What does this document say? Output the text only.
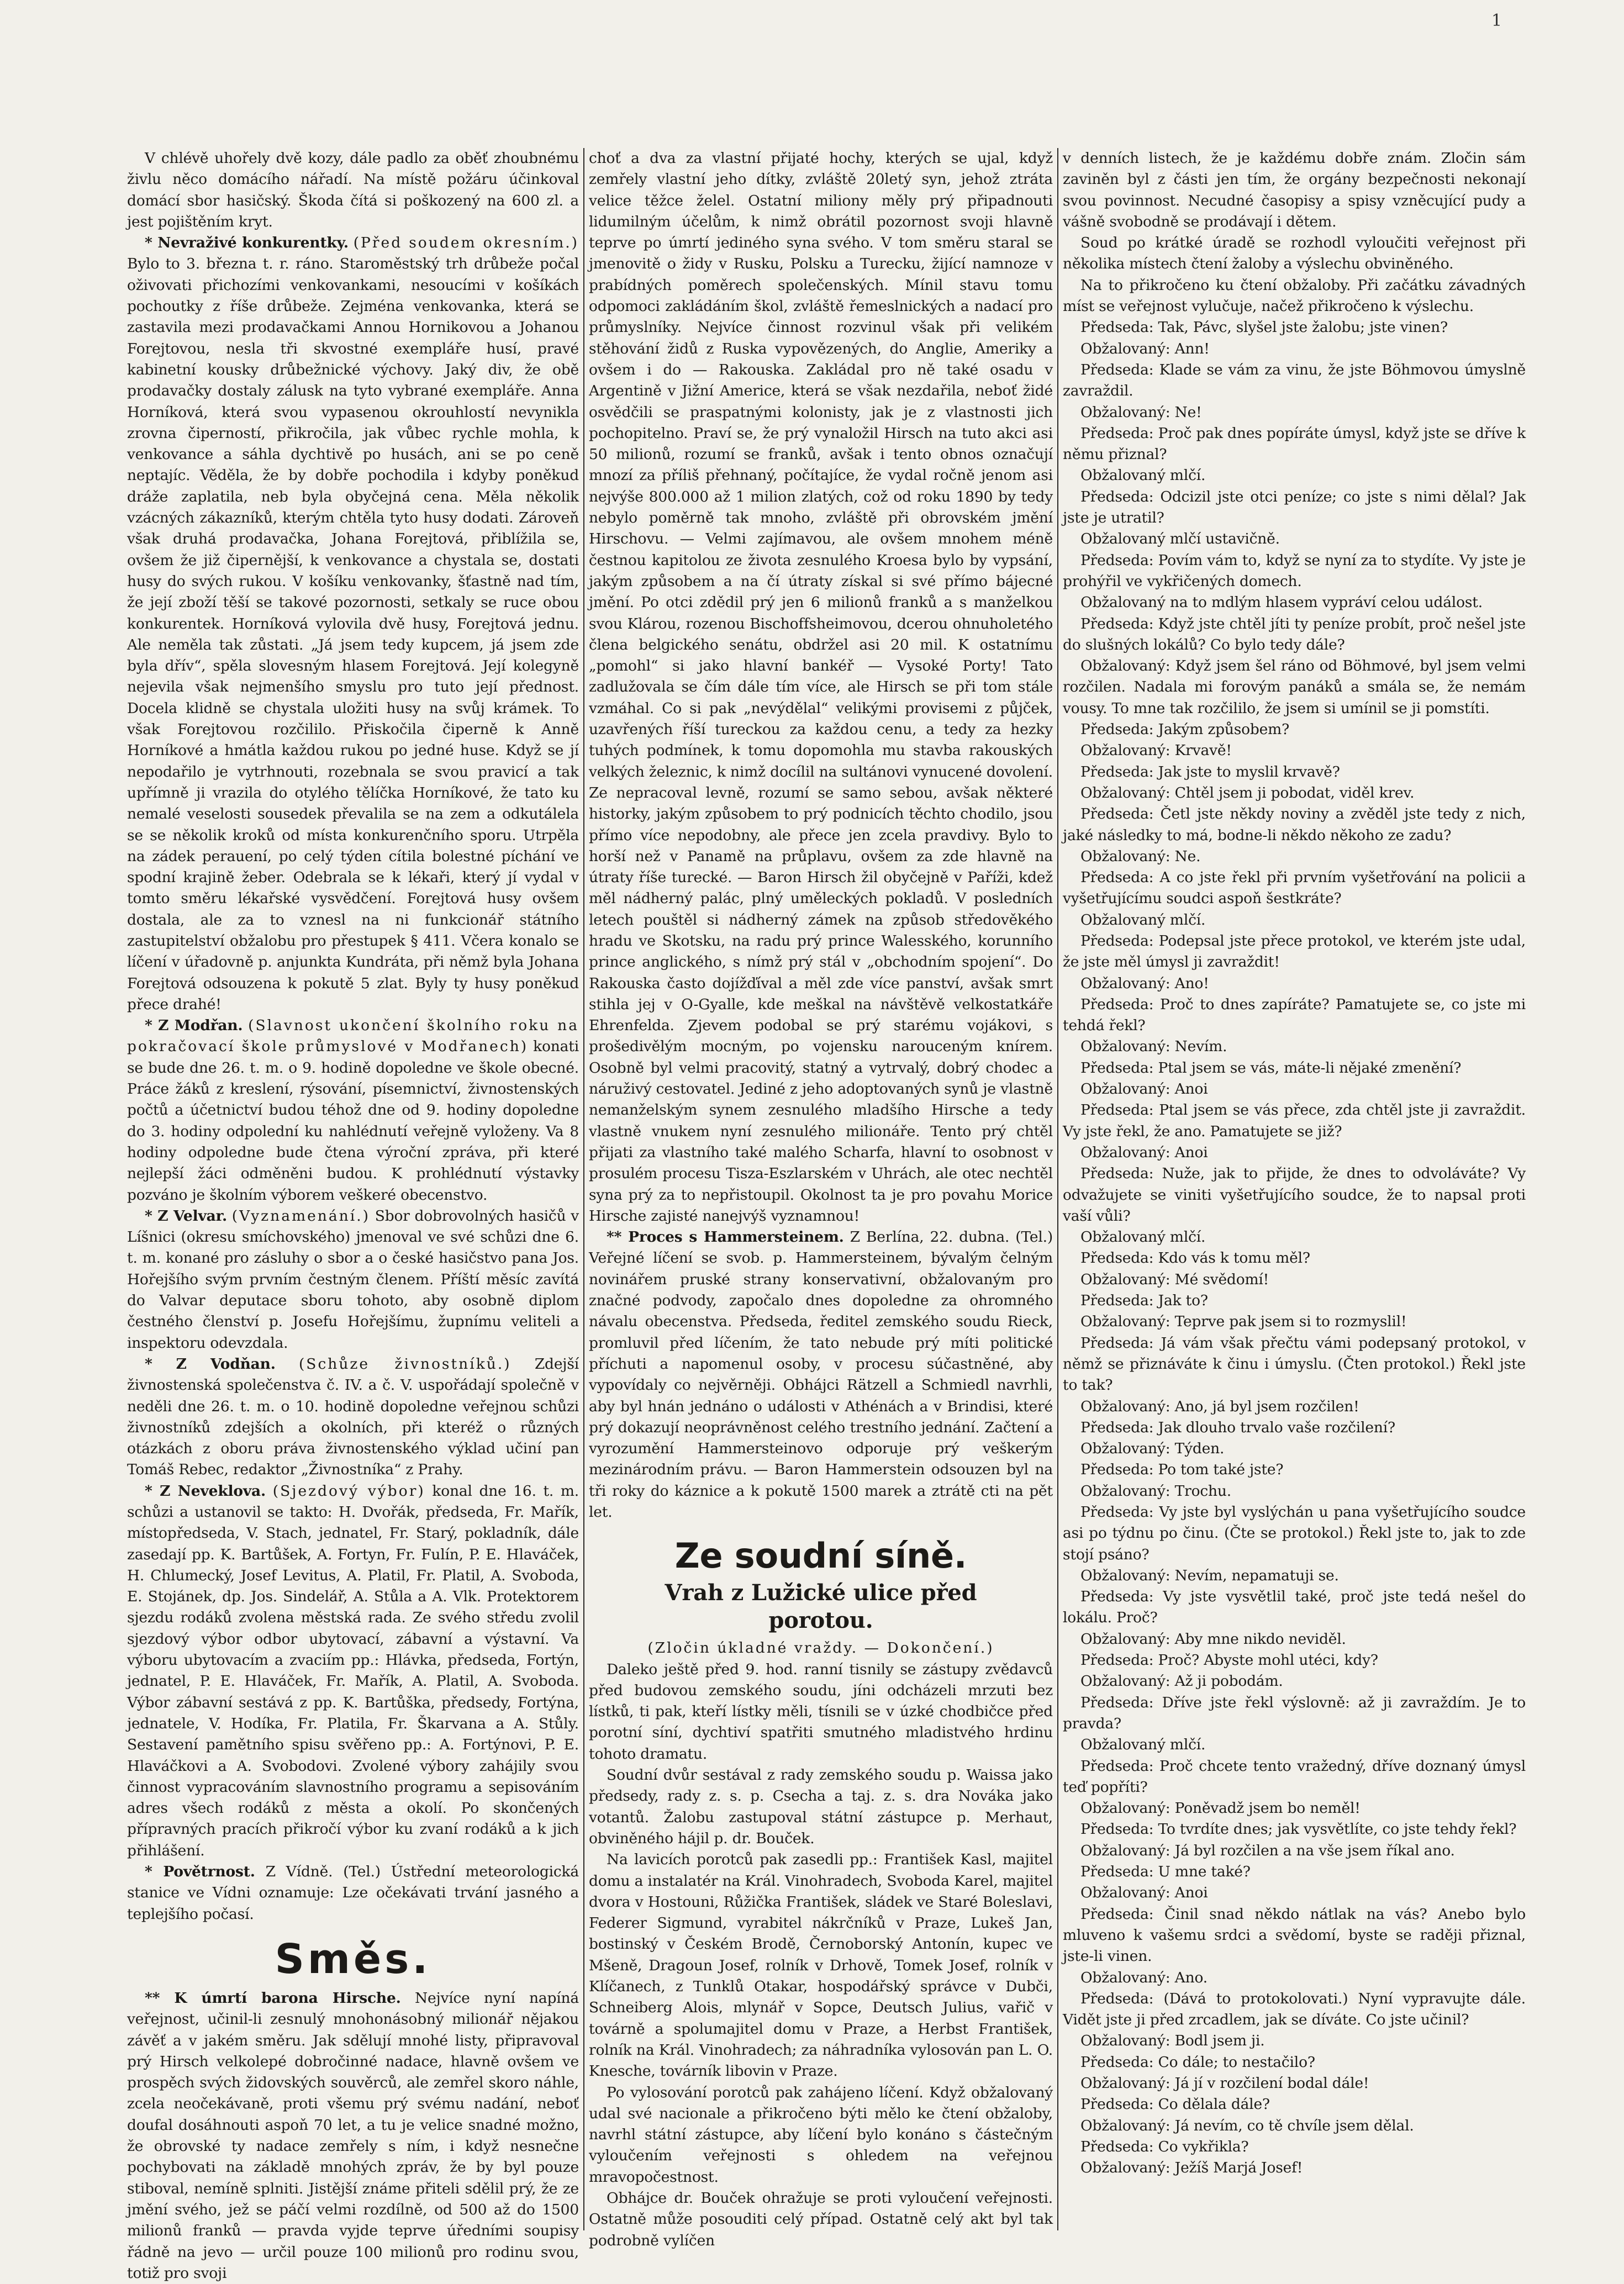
1

V chlévě uhořely dvě kozy, dále padlo za oběť zhoubnému živlu něco domácího nářadí. Na místě požáru účinkoval domácí sbor hasičský. Škoda čítá si poškozený na 600 zl. a jest pojištěním kryt.

* Nevraživé konkurentky. (Před soudem okresním.) Bylo to 3. března t. r. ráno. Staroměstský trh drůbeže počal oživovati přichozími venkovankami, nesoucími v košíkách pochoutky z říše drůbeže. Zejména venkovanka, která se zastavila mezi prodavačkami Annou Hornikovou a Johanou Forejtovou, nesla tři skvostné exempláře husí, pravé kabinetní kousky drůbežnické výchovy. Jaký div, že obě prodavačky dostaly zálusk na tyto vybrané exempláře. Anna Horníková, která svou vypasenou okrouhlostí nevynikla zrovna čiperností, přikročila, jak vůbec rychle mohla, k venkovance a sáhla dychtivě po husách, ani se po ceně neptajíc. Věděla, že by dobře pochodila i kdyby poněkud dráže zaplatila, neb byla obyčejná cena. Měla několik vzácných zákazníků, kterým chtěla tyto husy dodati. Zároveň však druhá prodavačka, Johana Forejtová, přiblížila se, ovšem že již čipernější, k venkovance a chystala se, dostati husy do svých rukou. V košíku venkovanky, šťastně nad tím, že její zboží těší se takové pozornosti, setkaly se ruce obou konkurentek. Horníková vylovila dvě husy, Forejtová jednu. Ale neměla tak zůstati. „Já jsem tedy kupcem, já jsem zde byla dřív“, spěla slovesným hlasem Forejtová. Její kolegyně nejevila však nejmenšího smyslu pro tuto její přednost. Docela klidně se chystala uložiti husy na svůj krámek. To však Forejtovou rozčililo. Přiskočila čiperně k Anně Horníkové a hmátla každou rukou po jedné huse. Když se jí nepodařilo je vytrhnouti, rozebnala se svou pravicí a tak upřímně ji vrazila do otylého tělíčka Horníkové, že tato ku nemalé veselosti sousedek převalila se na zem a odkutálela se se několik kroků od místa konkurenčního sporu. Utrpěla na zádek perauení, po celý týden cítila bolestné píchání ve spodní krajině žeber. Odebrala se k lékaři, který jí vydal v tomto směru lékařské vysvědčení. Forejtová husy ovšem dostala, ale za to vznesl na ni funkcionář státního zastupitelství obžalobu pro přestupek § 411. Včera konalo se líčení v úřadovně p. anjunkta Kundráta, při němž byla Johana Forejtová odsouzena k pokutě 5 zlat. Byly ty husy poněkud přece drahé!

* Z Modřan. (Slavnost ukončení školního roku na pokračovací škole průmyslové v Modřanech) konati se bude dne 26. t. m. o 9. hodině dopoledne ve škole obecné. Práce žáků z kreslení, rýsování, písemnictví, živnostenských počtů a účetnictví budou téhož dne od 9. hodiny dopoledne do 3. hodiny odpolední ku nahlédnutí veřejně vyloženy. Va 8 hodiny odpoledne bude čtena výroční zpráva, při které nejlepší žáci odměněni budou. K prohlédnutí výstavky pozváno je školním výborem veškeré obecenstvo.

* Z Velvar. (Vyznamenání.) Sbor dobrovolných hasičů v Líšnici (okresu smíchovského) jmenoval ve své schůzi dne 6. t. m. konané pro zásluhy o sbor a o české hasičstvo pana Jos. Hořejšího svým prvním čestným členem. Příští měsíc zavítá do Valvar deputace sboru tohoto, aby osobně diplom čestného členství p. Josefu Hořejšímu, župnímu veliteli a inspektoru odevzdala.

* Z Vodňan. (Schůze živnostníků.) Zdejší živnostenská společenstva č. IV. a č. V. uspořádají společně v neděli dne 26. t. m. o 10. hodině dopoledne veřejnou schůzi živnostníků zdejších a okolních, při kteréž o různých otázkách z oboru práva živnostenského výklad učiní pan Tomáš Rebec, redaktor „Živnostníka“ z Prahy.

* Z Neveklova. (Sjezdový výbor) konal dne 16. t. m. schůzi a ustanovil se takto: H. Dvořák, předseda, Fr. Mařík, místopředseda, V. Stach, jednatel, Fr. Starý, pokladník, dále zasedají pp. K. Bartůšek, A. Fortyn, Fr. Fulín, P. E. Hlaváček, H. Chlumecký, Josef Levitus, A. Platil, Fr. Platil, A. Svoboda, E. Stojánek, dp. Jos. Sindelář, A. Stůla a A. Vlk. Protektorem sjezdu rodáků zvolena městská rada. Ze svého středu zvolil sjezdový výbor odbor ubytovací, zábavní a výstavní. Va výboru ubytovacím a zvaciím pp.: Hlávka, předseda, Fortýn, jednatel, P. E. Hlaváček, Fr. Mařík, A. Platil, A. Svoboda. Výbor zábavní sestává z pp. K. Bartůška, předsedy, Fortýna, jednatele, V. Hodíka, Fr. Platila, Fr. Škarvana a A. Stůly. Sestavení pamětního spisu svěřeno pp.: A. Fortýnovi, P. E. Hlaváčkovi a A. Svobodovi. Zvolené výbory zahájily svou činnost vypracováním slavnostního programu a sepisováním adres všech rodáků z města a okolí. Po skončených přípravných pracích přikročí výbor ku zvaní rodáků a k jich přihlášení.

* Povětrnost. Z Vídně. (Tel.) Ústřední meteorologická stanice ve Vídni oznamuje: Lze očekávati trvání jasného a teplejšího počasí.

Směs.

** K úmrtí barona Hirsche. Nejvíce nyní napíná veřejnost, učinil-li zesnulý mnohonásobný milionář nějakou závěť a v jakém směru. Jak sdělují mnohé listy, připravoval prý Hirsch velkolepé dobročinné nadace, hlavně ovšem ve prospěch svých židovských souvěrců, ale zemřel skoro náhle, zcela neočekávaně, proti všemu prý svému nadání, neboť doufal dosáhnouti aspoň 70 let, a tu je velice snadné možno, že obrovské ty nadace zemřely s ním, i když nesnečne pochybovati na základě mnohých zpráv, že by byl pouze stiboval, nemíně splniti. Jistější známe přiteli sdělil prý, že ze jmění svého, jež se páčí velmi rozdílně, od 500 až do 1500 milionů franků — pravda vyjde teprve úředními soupisy řádně na jevo — určil pouze 100 milionů pro rodinu svou, totiž pro svoji

choť a dva za vlastní přijaté hochy, kterých se ujal, když zemřely vlastní jeho dítky, zvláště 20letý syn, jehož ztráta velice těžce želel. Ostatní miliony měly prý připadnouti lidumilným účelům, k nimž obrátil pozornost svoji hlavně teprve po úmrtí jediného syna svého. V tom směru staral se jmenovitě o židy v Rusku, Polsku a Turecku, žijící namnoze v prabídných poměrech společenských. Mínil stavu tomu odpomoci zakládáním škol, zvláště řemeslnických a nadací pro průmyslníky. Nejvíce činnost rozvinul však při velikém stěhování židů z Ruska vypovězených, do Anglie, Ameriky a ovšem i do — Rakouska. Zakládal pro ně také osadu v Argentině v Jižní Americe, která se však nezdařila, neboť židé osvědčili se praspatnými kolonisty, jak je z vlastnosti jich pochopitelno. Praví se, že prý vynaložil Hirsch na tuto akci asi 50 milionů, rozumí se franků, avšak i tento obnos označují mnozí za příliš přehnaný, počítajíce, že vydal ročně jenom asi nejvýše 800.000 až 1 milion zlatých, což od roku 1890 by tedy nebylo poměrně tak mnoho, zvláště při obrovském jmění Hirschovu. — Velmi zajímavou, ale ovšem mnohem méně čestnou kapitolou ze života zesnulého Kroesa bylo by vypsání, jakým způsobem a na čí útraty získal si své přímo bájecné jmění. Po otci zdědil prý jen 6 milionů franků a s manželkou svou Klárou, rozenou Bischoffsheimovou, dcerou ohnuholetého člena belgického senátu, obdržel asi 20 mil. K ostatnímu „pomohl“ si jako hlavní bankéř — Vysoké Porty! Tato zadlužovala se čím dále tím více, ale Hirsch se při tom stále vzmáhal. Co si pak „nevýdělal“ velikými provisemi z půjček, uzavřených říší tureckou za každou cenu, a tedy za hezky tuhých podmínek, k tomu dopomohla mu stavba rakouských velkých železnic, k nimž docílil na sultánovi vynucené dovolení. Ze nepracoval levně, rozumí se samo sebou, avšak některé historky, jakým způsobem to prý podnicích těchto chodilo, jsou přímo více nepodobny, ale přece jen zcela pravdivy. Bylo to horší než v Panamě na průplavu, ovšem za zde hlavně na útraty říše turecké. — Baron Hirsch žil obyčejně v Paříži, kdež měl nádherný palác, plný uměleckých pokladů. V posledních letech pouštěl si nádherný zámek na způsob středověkého hradu ve Skotsku, na radu prý prince Walesského, korunního prince anglického, s nímž prý stál v „obchodním spojení“. Do Rakouska často dojížďíval a měl zde více panství, avšak smrt stihla jej v O-Gyalle, kde meškal na návštěvě velkostatkáře Ehrenfelda. Zjevem podobal se prý starému vojákovi, s prošedivělým mocným, po vojensku narouceným knírem. Osobně byl velmi pracovitý, statný a vytrvalý, dobrý chodec a náruživý cestovatel. Jediné z jeho adoptovaných synů je vlastně nemanželským synem zesnulého mladšího Hirsche a tedy vlastně vnukem nyní zesnulého milionáře. Tento prý chtěl přijati za vlastního také malého Scharfa, hlavní to osobnost v prosulém procesu Tisza-Eszlarském v Uhrách, ale otec nechtěl syna prý za to nepřistoupil. Okolnost ta je pro povahu Morice Hirsche zajisté nanejvýš vyznamnou!

** Proces s Hammersteinem. Z Berlína, 22. dubna. (Tel.) Veřejné líčení se svob. p. Hammersteinem, bývalým čelným novinářem pruské strany konservativní, obžalovaným pro značné podvody, započalo dnes dopoledne za ohromného návalu obecenstva. Předseda, ředitel zemského soudu Rieck, promluvil před líčením, že tato nebude prý míti politické příchuti a napomenul osoby, v procesu súčastněné, aby vypovídaly co nejvěrněji. Obhájci Rätzell a Schmiedl navrhli, aby byl hnán jednáno o události v Athénách a v Brindisi, které prý dokazují neoprávněnost celého trestního jednání. Začtení a vyrozumění Hammersteinovo odporuje prý veškerým mezinárodním právu. — Baron Hammerstein odsouzen byl na tři roky do káznice a k pokutě 1500 marek a ztrátě cti na pět let.

Ze soudní síně.
Vrah z Lužické ulice před
porotou.

(Zločin úkladné vraždy. — Dokončení.)

Daleko ještě před 9. hod. ranní tisnily se zástupy zvědavců před budovou zemského soudu, jíni odcházeli mrzuti bez lístků, ti pak, kteří lístky měli, tísnili se v úzké chodbičce před porotní síní, dychtiví spatřiti smutného mladistvého hrdinu tohoto dramatu.

Soudní dvůr sestával z rady zemského soudu p. Waissa jako předsedy, rady z. s. p. Csecha a taj. z. s. dra Nováka jako votantů. Žalobu zastupoval státní zástupce p. Merhaut, obviněného hájil p. dr. Bouček.

Na lavicích porotců pak zasedli pp.: František Kasl, majitel domu a instalatér na Král. Vinohradech, Svoboda Karel, majitel dvora v Hostouni, Růžička František, sládek ve Staré Boleslavi, Federer Sigmund, vyrabitel nákrčníků v Praze, Lukeš Jan, bostinský v Českém Brodě, Černoborský Antonín, kupec ve Mšeně, Dragoun Josef, rolník v Drhově, Tomek Josef, rolník v Klíčanech, z Tunklů Otakar, hospodářský správce v Dubči, Schneiberg Alois, mlynář v Sopce, Deutsch Julius, vařič v továrně a spolumajitel domu v Praze, a Herbst František, rolník na Král. Vinohradech; za náhradníka vylosován pan L. O. Knesche, továrník libovin v Praze.

Po vylosování porotců pak zahájeno líčení. Když obžalovaný udal své nacionale a přikročeno býti mělo ke čtení obžaloby, navrhl státní zástupce, aby líčení bylo konáno s částečným vyloučením veřejnosti s ohledem na veřejnou mravopočestnost.

Obhájce dr. Bouček ohražuje se proti vyloučení veřejnosti. Ostatně může posouditi celý případ. Ostatně celý akt byl tak podrobně vylíčen

v denních listech, že je každému dobře znám. Zločin sám zaviněn byl z části jen tím, že orgány bezpečnosti nekonají svou povinnost. Necudné časopisy a spisy vzněcující pudy a vášně svobodně se prodávají i dětem.

Soud po krátké úradě se rozhodl vyloučiti veřejnost při několika místech čtení žaloby a výslechu obviněného.

Na to přikročeno ku čtení obžaloby. Při začátku závadných míst se veřejnost vylučuje, načež přikročeno k výslechu.

Předseda: Tak, Pávc, slyšel jste žalobu; jste vinen?

Obžalovaný: Ann!

Předseda: Klade se vám za vinu, že jste Böhmovou úmyslně zavraždil.

Obžalovaný: Ne!

Předseda: Proč pak dnes popíráte úmysl, když jste se dříve k němu přiznal?

Obžalovaný mlčí.

Předseda: Odcizil jste otci peníze; co jste s nimi dělal? Jak jste je utratil?

Obžalovaný mlčí ustavičně.

Předseda: Povím vám to, když se nyní za to stydíte. Vy jste je prohýřil ve vykřičených domech.

Obžalovaný na to mdlým hlasem vypráví celou událost.

Předseda: Když jste chtěl jíti ty peníze probít, proč nešel jste do slušných lokálů? Co bylo tedy dále?

Obžalovaný: Když jsem šel ráno od Böhmové, byl jsem velmi rozčilen. Nadala mi forovým panáků a smála se, že nemám vousy. To mne tak rozčililo, že jsem si umínil se ji pomstíti.

Předseda: Jakým způsobem?

Obžalovaný: Krvavě!

Předseda: Jak jste to myslil krvavě?

Obžalovaný: Chtěl jsem ji pobodat, viděl krev.

Předseda: Četl jste někdy noviny a zvěděl jste tedy z nich, jaké následky to má, bodne-li někdo někoho ze zadu?

Obžalovaný: Ne.

Předseda: A co jste řekl při prvním vyšetřování na policii a vyšetřujícímu soudci aspoň šestkráte?

Obžalovaný mlčí.

Předseda: Podepsal jste přece protokol, ve kterém jste udal, že jste měl úmysl ji zavraždit!

Obžalovaný: Ano!

Předseda: Proč to dnes zapíráte? Pamatujete se, co jste mi tehdá řekl?

Obžalovaný: Nevím.

Předseda: Ptal jsem se vás, máte-li nějaké zmenění?

Obžalovaný: Anoi

Předseda: Ptal jsem se vás přece, zda chtěl jste ji zavraždit. Vy jste řekl, že ano. Pamatujete se již?

Obžalovaný: Anoi

Předseda: Nuže, jak to přijde, že dnes to odvoláváte? Vy odvažujete se viniti vyšetřujícího soudce, že to napsal proti vaší vůli?

Obžalovaný mlčí.

Předseda: Kdo vás k tomu měl?

Obžalovaný: Mé svědomí!

Předseda: Jak to?

Obžalovaný: Teprve pak jsem si to rozmyslil!

Předseda: Já vám však přečtu vámi podepsaný protokol, v němž se přiznáváte k činu i úmyslu. (Čten protokol.) Řekl jste to tak?

Obžalovaný: Ano, já byl jsem rozčilen!

Předseda: Jak dlouho trvalo vaše rozčilení?

Obžalovaný: Týden.

Předseda: Po tom také jste?

Obžalovaný: Trochu.

Předseda: Vy jste byl vyslýchán u pana vyšetřujícího soudce asi po týdnu po činu. (Čte se protokol.) Řekl jste to, jak to zde stojí psáno?

Obžalovaný: Nevím, nepamatuji se.

Předseda: Vy jste vysvětlil také, proč jste tedá nešel do lokálu. Proč?

Obžalovaný: Aby mne nikdo neviděl.

Předseda: Proč? Abyste mohl utéci, kdy?

Obžalovaný: Až ji pobodám.

Předseda: Dříve jste řekl výslovně: až ji zavraždím. Je to pravda?

Obžalovaný mlčí.

Předseda: Proč chcete tento vražedný, dříve doznaný úmysl teď popříti?

Obžalovaný: Poněvadž jsem bo neměl!

Předseda: To tvrdíte dnes; jak vysvětlíte, co jste tehdy řekl?

Obžalovaný: Já byl rozčilen a na vše jsem říkal ano.

Předseda: U mne také?

Obžalovaný: Anoi

Předseda: Činil snad někdo nátlak na vás? Anebo bylo mluveno k vašemu srdci a svědomí, byste se raději přiznal, jste-li vinen.

Obžalovaný: Ano.

Předseda: (Dává to protokolovati.) Nyní vypravujte dále. Vidět jste ji před zrcadlem, jak se díváte. Co jste učinil?

Obžalovaný: Bodl jsem ji.

Předseda: Co dále; to nestačilo?

Obžalovaný: Já jí v rozčilení bodal dále!

Předseda: Co dělala dále?

Obžalovaný: Já nevím, co tě chvíle jsem dělal.

Předseda: Co vykřikla?

Obžalovaný: Ježíš Marjá Josef!
